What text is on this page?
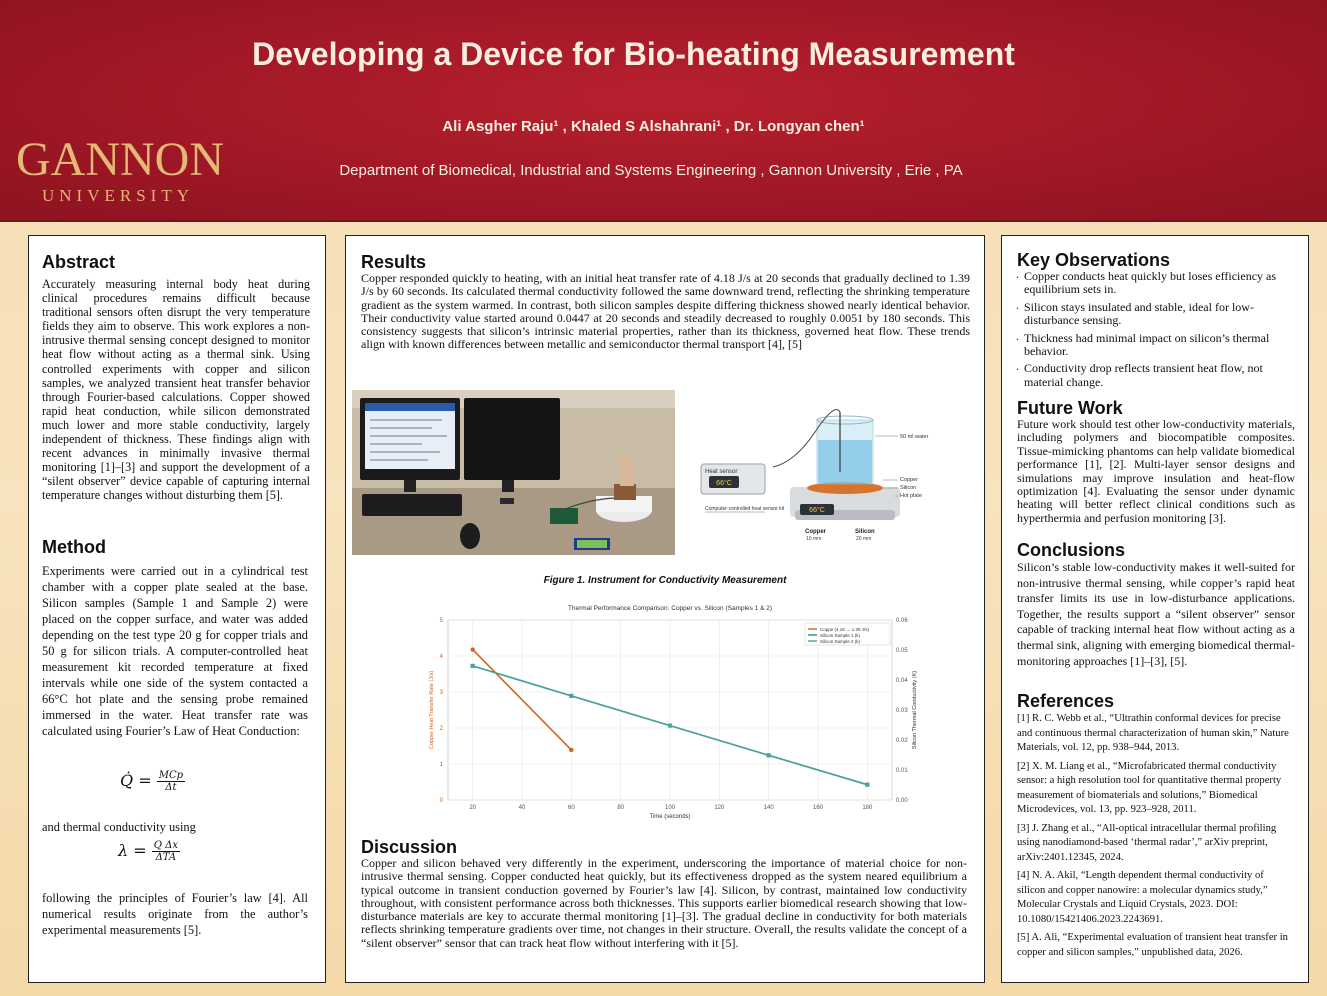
GANNON
UNIVERSITY
Developing a Device for Bio-heating Measurement
Ali Asgher Raju¹ , Khaled S Alshahrani¹ , Dr. Longyan chen¹
Department of Biomedical, Industrial and Systems Engineering , Gannon University , Erie , PA
Abstract
Accurately measuring internal body heat during clinical procedures remains difficult because traditional sensors often disrupt the very temperature fields they aim to observe. This work explores a non-intrusive thermal sensing concept designed to monitor heat flow without acting as a thermal sink. Using controlled experiments with copper and silicon samples, we analyzed transient heat transfer behavior through Fourier-based calculations. Copper showed rapid heat conduction, while silicon demonstrated much lower and more stable conductivity, largely independent of thickness. These findings align with recent advances in minimally invasive thermal monitoring [1]–[3] and support the development of a “silent observer” device capable of capturing internal temperature changes without disturbing them [5].
Method
Experiments were carried out in a cylindrical test chamber with a copper plate sealed at the base. Silicon samples (Sample 1 and Sample 2) were placed on the copper surface, and water was added depending on the test type 20 g for copper trials and 50 g for silicon trials. A computer-controlled heat measurement kit recorded temperature at fixed intervals while one side of the system contacted a 66°C hot plate and the sensing probe remained immersed in the water. Heat transfer rate was calculated using Fourier’s Law of Heat Conduction:
Q̇ = $\frac{\text{MCp}}{\Delta t}$
and thermal conductivity using
$\lambda = \frac{\text{Q Δx}}{\text{ΔTA}}$
following the principles of Fourier’s law [4]. All numerical results originate from the author’s experimental measurements [5].
Results
Copper responded quickly to heating, with an initial heat transfer rate of 4.18 J/s at 20 seconds that gradually declined to 1.39 J/s by 60 seconds. Its calculated thermal conductivity followed the same downward trend, reflecting the shrinking temperature gradient as the system warmed. In contrast, both silicon samples despite differing thickness showed nearly identical behavior. Their conductivity value started around 0.0447 at 20 seconds and steadily decreased to roughly 0.0051 by 180 seconds. This consistency suggests that silicon’s intrinsic material properties, rather than its thickness, governed heat flow. These trends align with known differences between metallic and semiconductor thermal transport [4], [5]
66°C
Heat sensor
66°C
50 ml water
Copper
Silicon
Hot plate
Computer-controlled heat sensor kit
Copper
10 mm
Silicon
20 mm
Figure 1. Instrument for Conductivity Measurement
Thermal Performance Comparison: Copper vs. Silicon (Samples 1 & 2)
20	40	60	80	100	120	140	160	180
0
1
2
3
4
5
0.00
0.01
0.02
0.03
0.04
0.05
0.06
Time (seconds)
Copper Heat Transfer Rate (J/s)	Silicon Thermal Conductivity (K)
Coppe (4.18 → 1.39 J/s)
Silicon Sample 1 (k)
Silicon Sample 2 (k)
Discussion
Copper and silicon behaved very differently in the experiment, underscoring the importance of material choice for non-intrusive thermal sensing. Copper conducted heat quickly, but its effectiveness dropped as the system neared equilibrium a typical outcome in transient conduction governed by Fourier’s law [4]. Silicon, by contrast, maintained low conductivity throughout, with consistent performance across both thicknesses. This supports earlier biomedical research showing that low-disturbance materials are key to accurate thermal monitoring [1]–[3]. The gradual decline in conductivity for both materials reflects shrinking temperature gradients over time, not changes in their structure. Overall, the results validate the concept of a “silent observer” sensor that can track heat flow without interfering with it [5].
Key Observations
. Copper conducts heat quickly but loses efficiency as equilibrium sets in.
. Silicon stays insulated and stable, ideal for low-disturbance sensing.
. Thickness had minimal impact on silicon’s thermal behavior.
. Conductivity drop reflects transient heat flow, not material change.
Future Work
Future work should test other low-conductivity materials, including polymers and biocompatible composites. Tissue-mimicking phantoms can help validate biomedical performance [1], [2]. Multi-layer sensor designs and simulations may improve insulation and heat-flow optimization [4]. Evaluating the sensor under dynamic heating will better reflect clinical conditions such as hyperthermia and perfusion monitoring [3].
Conclusions
Silicon’s stable low-conductivity makes it well-suited for non-intrusive thermal sensing, while copper’s rapid heat transfer limits its use in low-disturbance applications. Together, the results support a “silent observer” sensor capable of tracking internal heat flow without acting as a thermal sink, aligning with emerging biomedical thermal-monitoring approaches [1]–[3], [5].
References

[1] R. C. Webb et al., “Ultrathin conformal devices for precise and continuous thermal characterization of human skin,” Nature Materials, vol. 12, pp. 938–944, 2013.

[2] X. M. Liang et al., “Microfabricated thermal conductivity sensor: a high resolution tool for quantitative thermal property measurement of biomaterials and solutions,” Biomedical Microdevices, vol. 13, pp. 923–928, 2011.

[3] J. Zhang et al., “All-optical intracellular thermal profiling using nanodiamond-based ‘thermal radar’,” arXiv preprint, arXiv:2401.12345, 2024.

[4] N. A. Akil, “Length dependent thermal conductivity of silicon and copper nanowire: a molecular dynamics study,” Molecular Crystals and Liquid Crystals, 2023. DOI: 10.1080/15421406.2023.2243691.

[5] A. Ali, “Experimental evaluation of transient heat transfer in copper and silicon samples,” unpublished data, 2026.
